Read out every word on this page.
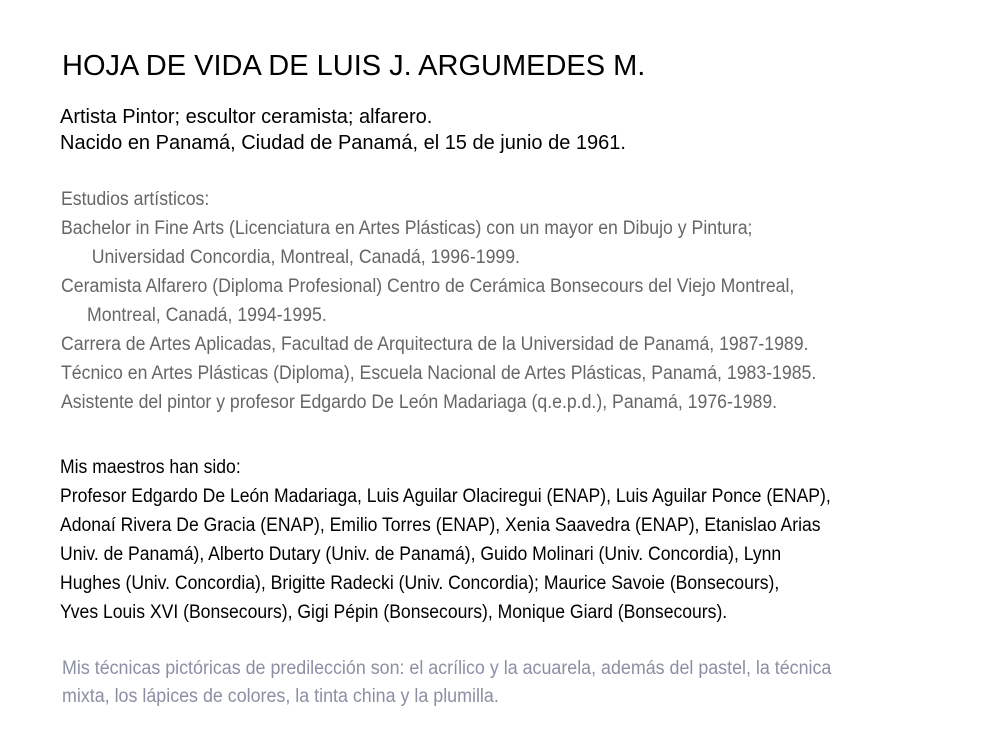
HOJA DE VIDA DE LUIS J. ARGUMEDES M.
Artista Pintor; escultor ceramista; alfarero.
Nacido en Panamá, Ciudad de Panamá, el 15 de junio de 1961.
Estudios artísticos:
Bachelor in Fine Arts (Licenciatura en Artes Plásticas) con un mayor en Dibujo y Pintura;
Universidad Concordia, Montreal, Canadá, 1996-1999.
Ceramista Alfarero (Diploma Profesional) Centro de Cerámica Bonsecours del Viejo Montreal,
Montreal, Canadá, 1994-1995.
Carrera de Artes Aplicadas, Facultad de Arquitectura de la Universidad de Panamá, 1987-1989.
Técnico en Artes Plásticas (Diploma), Escuela Nacional de Artes Plásticas, Panamá, 1983-1985.
Asistente del pintor y profesor Edgardo De León Madariaga (q.e.p.d.), Panamá, 1976-1989.
Mis maestros han sido:
Profesor Edgardo De León Madariaga, Luis Aguilar Olaciregui (ENAP), Luis Aguilar Ponce (ENAP),
Adonaí Rivera De Gracia (ENAP), Emilio Torres (ENAP), Xenia Saavedra (ENAP), Etanislao Arias
Univ. de Panamá), Alberto Dutary (Univ. de Panamá), Guido Molinari (Univ. Concordia), Lynn
Hughes (Univ. Concordia), Brigitte Radecki (Univ. Concordia); Maurice Savoie (Bonsecours),
Yves Louis XVI (Bonsecours), Gigi Pépin (Bonsecours), Monique Giard (Bonsecours).
Mis técnicas pictóricas de predilección son: el acrílico y la acuarela, además del pastel, la técnica
mixta, los lápices de colores, la tinta china y la plumilla.
